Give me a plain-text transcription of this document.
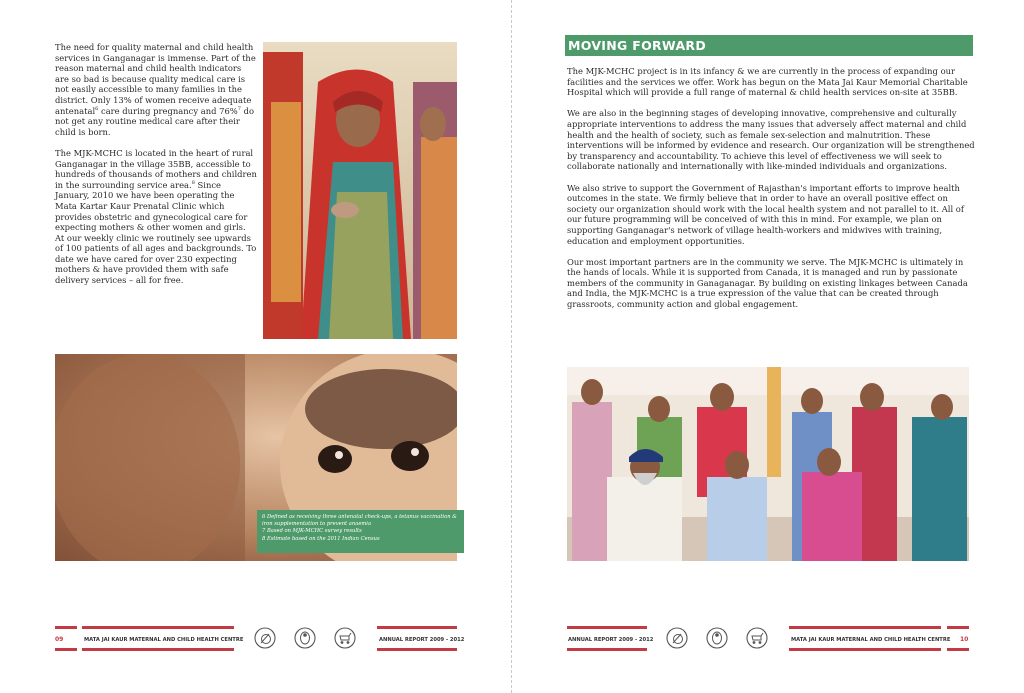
The need for quality maternal and child health services in Ganganagar is immense. Part of the reason maternal and child health indicators are so bad is because quality medical care is not easily accessible to many families in the district. Only 13% of women receive adequate antenatal$^6$ care during pregnancy and 76%$^7$ do not get any routine medical care after their child is born.

The MJK-MCHC is located in the heart of rural Ganganagar in the village 35BB, accessible to hundreds of thousands of mothers and children in the surrounding service area.$^8$ Since January, 2010 we have been operating the Mata Kartar Kaur Prenatal Clinic which provides obstetric and gynecological care for expecting mothers & other women and girls. At our weekly clinic we routinely see upwards of 100 patients of all ages and backgrounds. To date we have cared for over 230 expecting mothers & have provided them with safe delivery services – all for free.

6 Defined as receiving three antenatal check-ups, a tetanus vaccination & iron supplementation to prevent anaemia

7 Based on MJK-MCHC survey results

8 Estimate based on the 2011 Indian Census

09	MATA JAI KAUR MATERNAL AND CHILD HEALTH CENTRE	ANNUAL REPORT 2009 - 2012
MOVING FORWARD

The MJK-MCHC project is in its infancy & we are currently in the process of expanding our facilities and the services we offer. Work has begun on the Mata Jai Kaur Memorial Charitable Hospital which will provide a full range of maternal & child health services on-site at 35BB.

We are also in the beginning stages of developing innovative, comprehensive and culturally appropriate interventions to address the many issues that adversely affect maternal and child health and the health of society, such as female sex-selection and malnutrition. These interventions will be informed by evidence and research. Our organization will be strengthened by transparency and accountability. To achieve this level of effectiveness we will seek to collaborate nationally and internationally with like-minded individuals and organizations.

We also strive to support the Government of Rajasthan's important efforts to improve health outcomes in the state. We firmly believe that in order to have an overall positive effect on society our organization should work with the local health system and not parallel to it. All of our future programming will be conceived of with this in mind. For example, we plan on supporting Ganganagar's network of village health-workers and midwives with training, education and employment opportunities.

Our most important partners are in the community we serve. The MJK-MCHC is ultimately in the hands of locals. While it is supported from Canada, it is managed and run by passionate members of the community in Ganaganagar. By building on existing linkages between Canada and India, the MJK-MCHC is a true expression of the value that can be created through grassroots, community action and global engagement.

ANNUAL REPORT 2009 - 2012	MATA JAI KAUR MATERNAL AND CHILD HEALTH CENTRE 10
